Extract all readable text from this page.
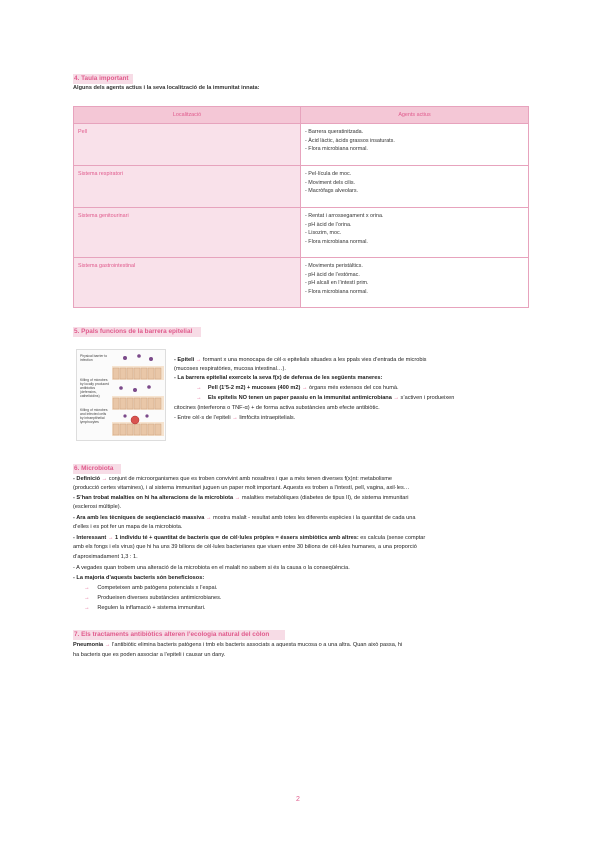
4. Taula important
Alguns dels agents actius i la seva localització de la immunitat innata:
Localització	Agents actius
Pell	- Barrera queratinitzada.
- Àcid làctic, àcids grassos insaturats.
- Flora microbiana normal.

Sistema respiratori	- Pel·lícula de moc.
- Moviment dels cilis.
- Macròfags alveolars.

Sistema genitourinari	- Rentat i arrossegament x orina.
- pH àcid de l’orina.
- Lisozim, moc.
- Flora microbiana normal.

Sistema gastrointestinal	- Moviments peristàltics.
- pH àcid de l’estómac.
- pH alcalí en l’intestí prim.
- Flora microbiana normal.
5. Ppals funcions de la barrera epitelial
Physical barrier to infection
Killing of microbes by locally produced antibiotics (defensins, cathelicidins)
Killing of microbes and infected cells by intraepithelial lymphocytes
- Epiteli → formant x una monocapa de cèl·s epitelials situades a les ppals vies d’entrada de microbis
(mucoses respiratòries, mucosa intestinal…).
- La barrera epitelial exerceix la seva f(x) de defensa de les següents maneres:
→ Pell (1’5-2 m2) + mucoses (400 m2) → òrgans més extensos del cos humà.
→ Els epitelis NO tenen un paper passiu en la immunitat antimicrobiana → s’activen i produeixen
citocines (interferons o TNF-α) + de forma activa substàncies amb efecte antibiòtic.
- Entre cèl·s de l’epiteli → limfòcits intraepitelials.
6. Microbiota
- Definició → conjunt de microorganismes que es troben convivint amb nosaltres i que a més tenen diverses f(x)nt: metabolisme
(producció certes vitamines), i al sistema immunitari juguen un paper molt important. Aquests es troben a l’intestí, pell, vagina, axil·les…
- S’han trobat malalties on hi ha alteracions de la microbiota → malalties metabòliques (diabetes de tipus II), de sistema immunitari
(esclerosi múltiple).
- Ara amb les tècniques de seqüenciació massiva → mostra malalt - resultat amb totes les diferents espècies i la quantitat de cada una
d’elles i es pot fer un mapa de la microbiota.
- Interessant → 1 individu té + quantitat de bacteris que de cèl·lules pròpies = éssers simbiòtics amb altres: es calcula (sense comptar
amb els fongs i els virus) que hi ha uns 39 bilions de cèl·lules bacterianes que viuen entre 30 bilions de cèl·lules humanes, a una proporció
d’aproximadament 1,3 : 1.
- A vegades quan trobem una alteració de la microbiota en el malalt no sabem si és la causa o la conseqüència.
- La majoria d’aquests bacteris són beneficiosos:
→ Competeixen amb patògens potencials x l’espai.
→ Produeixen diverses substàncies antimicrobianes.
→ Regulen la inflamació + sistema immunitari.
7. Els tractaments antibiòtics alteren l’ecologia natural del còlon
Pneumonia → l’antibiòtic elimina bacteris patògens i tmb els bacteris associats a aquesta mucosa o a una altra. Quan això passa, hi
ha bacteris que es poden associar a l’epiteli i causar un dany.
2
